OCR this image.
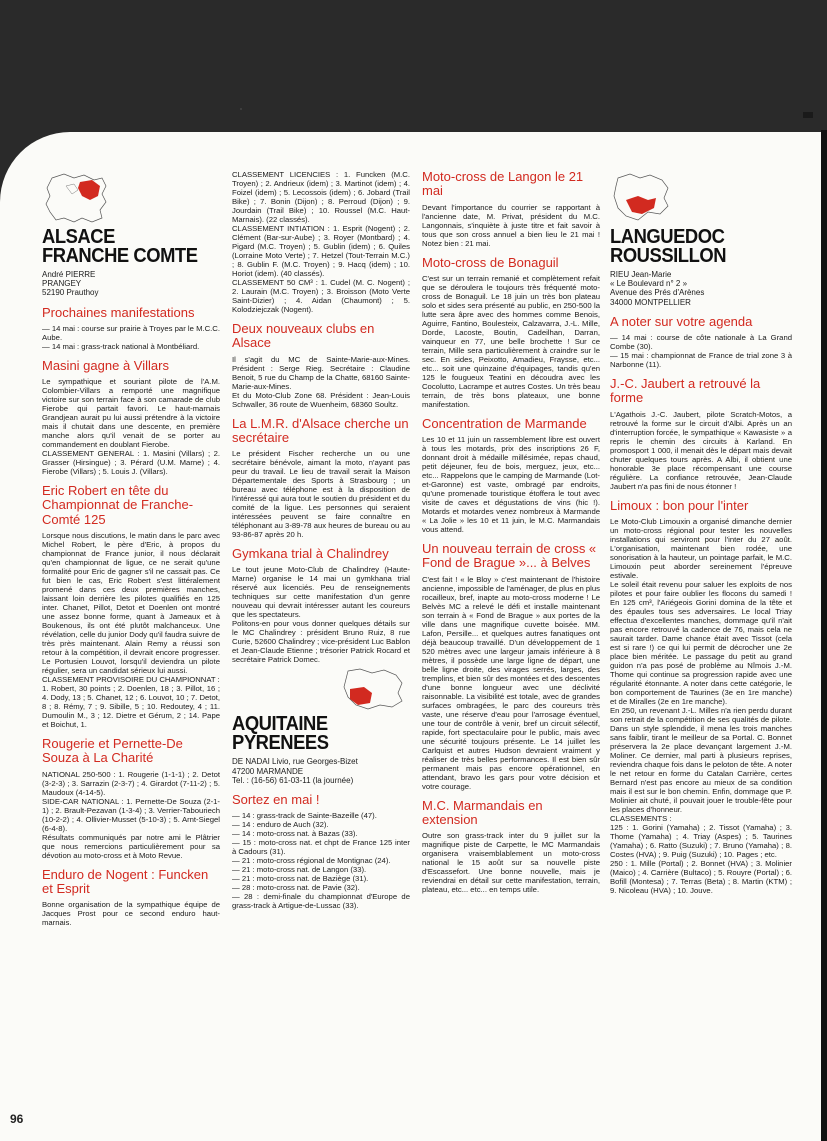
ALSACE
FRANCHE COMTE
André PIERRE
PRANGEY
52190 Prauthoy
Prochaines manifestations

— 14 mai : course sur prairie à Troyes par le M.C.C. Aube.
— 14 mai : grass-track national à Montbéliard.

Masini gagne à Villars

Le sympathique et souriant pilote de l'A.M. Colombier-Villars a remporté une magnifique victoire sur son terrain face à son camarade de club Fierobe qui partait favori. Le haut-marnais Grandjean aurait pu lui aussi prétendre à la victoire mais il chutait dans une descente, en première manche alors qu'il venait de se porter au commandement en doublant Fierobe.
CLASSEMENT GENERAL : 1. Masini (Villars) ; 2. Grasser (Hirsingue) ; 3. Pérard (U.M. Marne) ; 4. Fierobe (Villars) ; 5. Louis J. (Villars).

Eric Robert en tête du Championnat de Franche-Comté 125

Lorsque nous discutions, le matin dans le parc avec Michel Robert, le père d'Eric, à propos du championnat de France junior, il nous déclarait qu'en championnat de ligue, ce ne serait qu'une formalité pour Eric de gagner s'il ne cassait pas. Ce fut bien le cas, Eric Robert s'est littéralement promené dans ces deux premières manches, laissant loin derrière les pilotes qualifiés en 125 inter. Chanet, Pillot, Detot et Doenlen ont montré une assez bonne forme, quant à Jameaux et à Boukenous, ils ont été plutôt malchanceux. Une révélation, celle du junior Dody qu'il faudra suivre de très près maintenant. Alain Remy a réussi son retour à la compétition, il devrait encore progresser. Le Portusien Louvot, lorsqu'il deviendra un pilote régulier, sera un candidat sérieux lui aussi.
CLASSEMENT PROVISOIRE DU CHAMPIONNAT :
1. Robert, 30 points ; 2. Doenlen, 18 ; 3. Pillot, 16 ; 4. Dody, 13 ; 5. Chanet, 12 ; 6. Louvot, 10 ; 7. Detot, 8 ; 8. Rémy, 7 ; 9. Sibille, 5 ; 10. Redoutey, 4 ; 11. Dumoulin M., 3 ; 12. Dietre et Gérum, 2 ; 14. Pape et Boichut, 1.

Rougerie et Pernette-De Souza à La Charité

NATIONAL 250-500 : 1. Rougerie (1-1-1) ; 2. Detot (3-2-3) ; 3. Sarrazin (2-3-7) ; 4. Girardot (7-11-2) ; 5. Maudoux (4-14-5).
SIDE-CAR NATIONAL : 1. Pernette-De Souza (2-1-1) ; 2. Brault-Pezavan (1-3-4) ; 3. Verrier-Tabouriech (10-2-2) ; 4. Ollivier-Musset (5-10-3) ; 5. Arnt-Siegel (6-4-8).
Résultats communiqués par notre ami le Plâtrier que nous remercions particulièrement pour sa dévotion au moto-cross et à Moto Revue.

Enduro de Nogent : Funcken et Esprit

Bonne organisation de la sympathique équipe de Jacques Prost pour ce second enduro haut-marnais.

CLASSEMENT LICENCIES : 1. Funcken (M.C. Troyen) ; 2. Andrieux (idem) ; 3. Martinot (idem) ; 4. Foizel (idem) ; 5. Lecossois (idem) ; 6. Jobard (Trail Bike) ; 7. Bonin (Dijon) ; 8. Perroud (Dijon) ; 9. Jourdain (Trail Bike) ; 10. Roussel (M.C. Haut-Marnais). (22 classés).
CLASSEMENT INTIATION : 1. Esprit (Nogent) ; 2. Clément (Bar-sur-Aube) ; 3. Royer (Montbard) ; 4. Pigard (M.C. Troyen) ; 5. Gublin (idem) ; 6. Quiles (Lorraine Moto Verte) ; 7. Hetzel (Tout-Terrain M.C.) ; 8. Gublin F. (M.C. Troyen) ; 9. Hacq (idem) ; 10. Horiot (idem). (40 classés).
CLASSEMENT 50 CM³ : 1. Cudel (M. C. Nogent) ; 2. Laurain (M.C. Troyen) ; 3. Broisson (Moto Verte Saint-Dizier) ; 4. Aidan (Chaumont) ; 5. Kolodziejczak (Nogent).

Deux nouveaux clubs en Alsace

Il s'agit du MC de Sainte-Marie-aux-Mines. Président : Serge Rieg. Secrétaire : Claudine Benoit, 5 rue du Champ de la Chatte, 68160 Sainte-Marie-aux-Mines.
Et du Moto-Club Zone 68. Président : Jean-Louis Schwaller, 36 route de Wuenheim, 68360 Soultz.

La L.M.R. d'Alsace cherche un secrétaire

Le président Fischer recherche un ou une secrétaire bénévole, aimant la moto, n'ayant pas peur du travail. Le lieu de travail serait la Maison Départementale des Sports à Strasbourg ; un bureau avec téléphone est à la disposition de l'intéressé qui aura tout le soutien du président et du comité de la ligue. Les personnes qui seraient intéressées peuvent se faire connaître en téléphonant au 3-89-78 aux heures de bureau ou au 93-86-87 après 20 h.

Gymkana trial à Chalindrey

Le tout jeune Moto-Club de Chalindrey (Haute-Marne) organise le 14 mai un gymkhana trial réservé aux licenciés. Peu de renseignements techniques sur cette manifestation d'un genre nouveau qui devrait intéresser autant les coureurs que les spectateurs.
Politons-en pour vous donner quelques détails sur le MC Chalindrey : président Bruno Ruiz, 8 rue Curie, 52600 Chalindrey ; vice-président Luc Bablon et Jean-Claude Etienne ; trésorier Patrick Rocard et secrétaire Patrick Domec.

AQUITAINE
PYRENEES
DE NADAI Livio, rue Georges-Bizet
47200 MARMANDE
Tel. : (16-56) 61-03-11 (la journée)
Sortez en mai !

— 14 : grass-track de Sainte-Bazeille (47).
— 14 : enduro de Auch (32).
— 14 : moto-cross nat. à Bazas (33).
— 15 : moto-cross nat. et chpt de France 125 inter à Cadours (31).
— 21 : moto-cross régional de Montignac (24).
— 21 : moto-cross nat. de Langon (33).
— 21 : moto-cross nat. de Baziège (31).
— 28 : moto-cross nat. de Pavie (32).
— 28 : demi-finale du championnat d'Europe de grass-track à Artigue-de-Lussac (33).

Moto-cross de Langon le 21 mai

Devant l'importance du courrier se rapportant à l'ancienne date, M. Privat, président du M.C. Langonnais, s'inquiète à juste titre et fait savoir à tous que son cross annuel a bien lieu le 21 mai ! Notez bien : 21 mai.

Moto-cross de Bonaguil

C'est sur un terrain remanié et complètement refait que se déroulera le toujours très fréquenté moto-cross de Bonaguil. Le 18 juin un très bon plateau solo et sides sera présenté au public, en 250-500 la lutte sera âpre avec des hommes comme Benois, Aguirre, Fantino, Boulesteix, Calzavarra, J.-L. Mille, Dorde, Lacoste, Boutin, Cadeilhan, Darran, vainqueur en 77, une belle brochette ! Sur ce terrain, Mille sera particulièrement à craindre sur le sec. En sides, Peixotto, Amadieu, Fraysse, etc... etc... soit une quinzaine d'équipages, tandis qu'en 125 le fougueux Teatini en découdra avec les Cocolutto, Lacrampe et autres Costes. Un très beau terrain, de très bons plateaux, une bonne manifestation.

Concentration de Marmande

Les 10 et 11 juin un rassemblement libre est ouvert à tous les motards, prix des inscriptions 26 F, donnant droit à médaille millésimée, repas chaud, petit déjeuner, feu de bois, merguez, jeux, etc... etc... Rappelons que le camping de Marmande (Lot-et-Garonne) est vaste, ombragé par endroits, qu'une promenade touristique étoffera le tout avec visite de caves et dégustations de vins (hic !). Motards et motardes venez nombreux à Marmande « La Jolie » les 10 et 11 juin, le M.C. Marmandais vous attend.

Un nouveau terrain de cross « Fond de Brague »... à Belves

C'est fait ! « le Bloy » c'est maintenant de l'histoire ancienne, impossible de l'aménager, de plus en plus rocailleux, bref, inapte au moto-cross moderne ! Le Belvès MC a relevé le défi et installe maintenant son terrain à « Fond de Brague » aux portes de la ville dans une magnifique cuvette boisée. MM. Lafon, Persille... et quelques autres fanatiques ont déjà beaucoup travaillé. D'un développement de 1 520 mètres avec une largeur jamais inférieure à 8 mètres, il possède une large ligne de départ, une belle ligne droite, des virages serrés, larges, des tremplins, et bien sûr des montées et des descentes d'une bonne longueur avec une déclivité raisonnable. La visibilité est totale, avec de grandes surfaces ombragées, le parc des coureurs très vaste, une réserve d'eau pour l'arrosage éventuel, une tour de contrôle à venir, bref un circuit sélectif, rapide, fort spectaculaire pour le public, mais avec une sécurité toujours présente. Le 14 juillet les Carlquist et autres Hudson devraient vraiment y réaliser de très belles performances. Il est bien sûr permanent mais pas encore opérationnel, en attendant, bravo les gars pour votre décision et votre courage.

M.C. Marmandais en extension

Outre son grass-track inter du 9 juillet sur la magnifique piste de Carpette, le MC Marmandais organisera vraisemblablement un moto-cross national le 15 août sur sa nouvelle piste d'Escassefort. Une bonne nouvelle, mais je reviendrai en détail sur cette manifestation, terrain, plateau, etc... etc... en temps utile.

LANGUEDOC
ROUSSILLON
RIEU Jean-Marie
« Le Boulevard n° 2 »
Avenue des Prés d'Arènes
34000 MONTPELLIER
A noter sur votre agenda

— 14 mai : course de côte nationale à La Grand Combe (30).
— 15 mai : championnat de France de trial zone 3 à Narbonne (11).

J.-C. Jaubert a retrouvé la forme

L'Agathois J.-C. Jaubert, pilote Scratch-Motos, a retrouvé la forme sur le circuit d'Albi. Après un an d'interruption forcée, le sympathique « Kawasiste » a repris le chemin des circuits à Karland. En promosport 1 000, il menait dès le départ mais devait chuter quelques tours après. A Albi, il obtient une honorable 3e place récompensant une course régulière. La confiance retrouvée, Jean-Claude Jaubert n'a pas fini de nous étonner !

Limoux : bon pour l'inter

Le Moto-Club Limouxin a organisé dimanche dernier un moto-cross régional pour tester les nouvelles installations qui serviront pour l'inter du 27 août. L'organisation, maintenant bien rodée, une sonorisation à la hauteur, un pointage parfait, le M.C. Limouxin peut aborder sereinement l'épreuve estivale.
Le soleil était revenu pour saluer les exploits de nos pilotes et pour faire oublier les flocons du samedi ! En 125 cm³, l'Ariégeois Gorini domina de la tête et des épaules tous ses adversaires. Le local Triay effectua d'excellentes manches, dommage qu'il n'ait pas encore retrouvé la cadence de 76, mais cela ne saurait tarder. Dame chance était avec Tissot (cela est si rare !) ce qui lui permit de décrocher une 2e place bien méritée. Le passage du petit au grand guidon n'a pas posé de problème au Nîmois J.-M. Thome qui continue sa progression rapide avec une régularité étonnante. A noter dans cette catégorie, le bon comportement de Taurines (3e en 1re manche) et de Miralles (2e en 1re manche).
En 250, un revenant J.-L. Milles n'a rien perdu durant son retrait de la compétition de ses qualités de pilote. Dans un style splendide, il mena les trois manches sans faiblir, tirant le meilleur de sa Portal. C. Bonnet préservera la 2e place devançant largement J.-M. Moliner. Ce dernier, mal parti à plusieurs reprises, reviendra chaque fois dans le peloton de tête. A noter le net retour en forme du Catalan Carrière, certes Bernard n'est pas encore au mieux de sa condition mais il est sur le bon chemin. Enfin, dommage que P. Molinier ait chuté, il pouvait jouer le trouble-fête pour les places d'honneur.
CLASSEMENTS :
125 : 1. Gorini (Yamaha) ; 2. Tissot (Yamaha) ; 3. Thome (Yamaha) ; 4. Triay (Aspes) ; 5. Taurines (Yamaha) ; 6. Ratto (Suzuki) ; 7. Bruno (Yamaha) ; 8. Costes (HVA) ; 9. Puig (Suzuki) ; 10. Pages ; etc.
250 : 1. Mille (Portal) ; 2. Bonnet (HVA) ; 3. Molinier (Maico) ; 4. Carrière (Bultaco) ; 5. Rouyre (Portal) ; 6. Bofill (Montesa) ; 7. Terras (Beta) ; 8. Martin (KTM) ; 9. Nicoleau (HVA) ; 10. Jouve.

96
